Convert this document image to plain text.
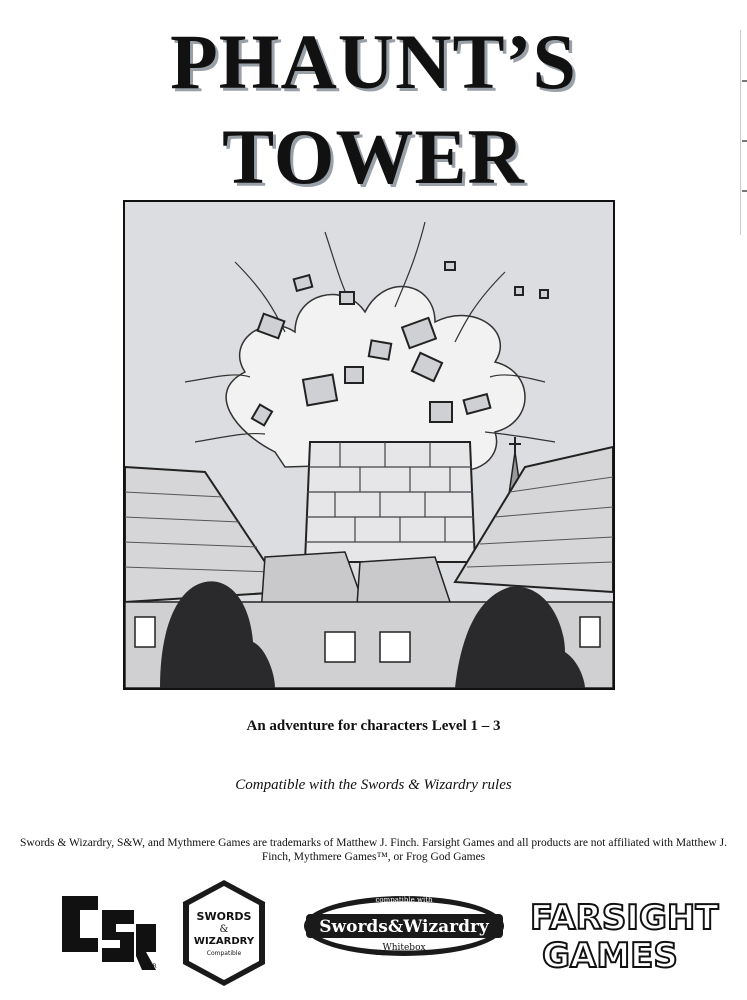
PHAUNT’S
TOWER
An adventure for characters Level 1 – 3
Compatible with the Swords & Wizardry rules
Swords & Wizardry, S&W, and Mythmere Games are trademarks of Matthew J. Finch. Farsight Games and all products are not affiliated with Matthew J. Finch, Mythmere Games™, or Frog God Games
OSR
SWORDS
&
WIZARDRY
Compatible
compatible with
Swords&Wizardry
Whitebox
FARSIGHT
GAMES
